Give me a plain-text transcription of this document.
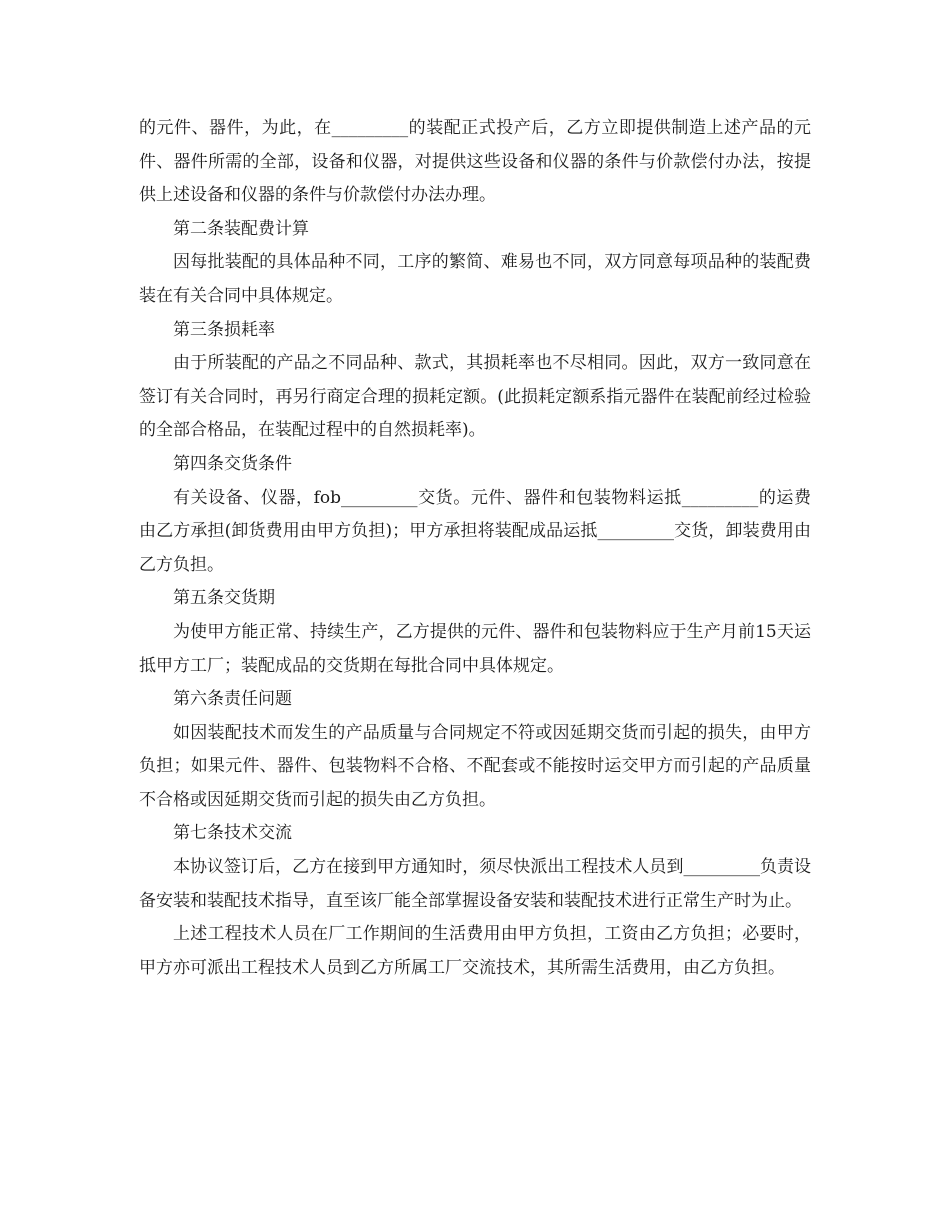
的元件、器件，为此，在_________的装配正式投产后，乙方立即提供制造上述产品的元件、器件所需的全部，设备和仪器，对提供这些设备和仪器的条件与价款偿付办法，按提供上述设备和仪器的条件与价款偿付办法办理。

第二条装配费计算

因每批装配的具体品种不同，工序的繁简、难易也不同，双方同意每项品种的装配费装在有关合同中具体规定。

第三条损耗率

由于所装配的产品之不同品种、款式，其损耗率也不尽相同。因此，双方一致同意在签订有关合同时，再另行商定合理的损耗定额。(此损耗定额系指元器件在装配前经过检验的全部合格品，在装配过程中的自然损耗率)。

第四条交货条件

有关设备、仪器，fob_________交货。元件、器件和包装物料运抵_________的运费由乙方承担(卸货费用由甲方负担)；甲方承担将装配成品运抵_________交货，卸装费用由乙方负担。

第五条交货期

为使甲方能正常、持续生产，乙方提供的元件、器件和包装物料应于生产月前15天运抵甲方工厂；装配成品的交货期在每批合同中具体规定。

第六条责任问题

如因装配技术而发生的产品质量与合同规定不符或因延期交货而引起的损失，由甲方负担；如果元件、器件、包装物料不合格、不配套或不能按时运交甲方而引起的产品质量不合格或因延期交货而引起的损失由乙方负担。

第七条技术交流

本协议签订后，乙方在接到甲方通知时，须尽快派出工程技术人员到_________负责设备安装和装配技术指导，直至该厂能全部掌握设备安装和装配技术进行正常生产时为止。

上述工程技术人员在厂工作期间的生活费用由甲方负担，工资由乙方负担；必要时，甲方亦可派出工程技术人员到乙方所属工厂交流技术，其所需生活费用，由乙方负担。
